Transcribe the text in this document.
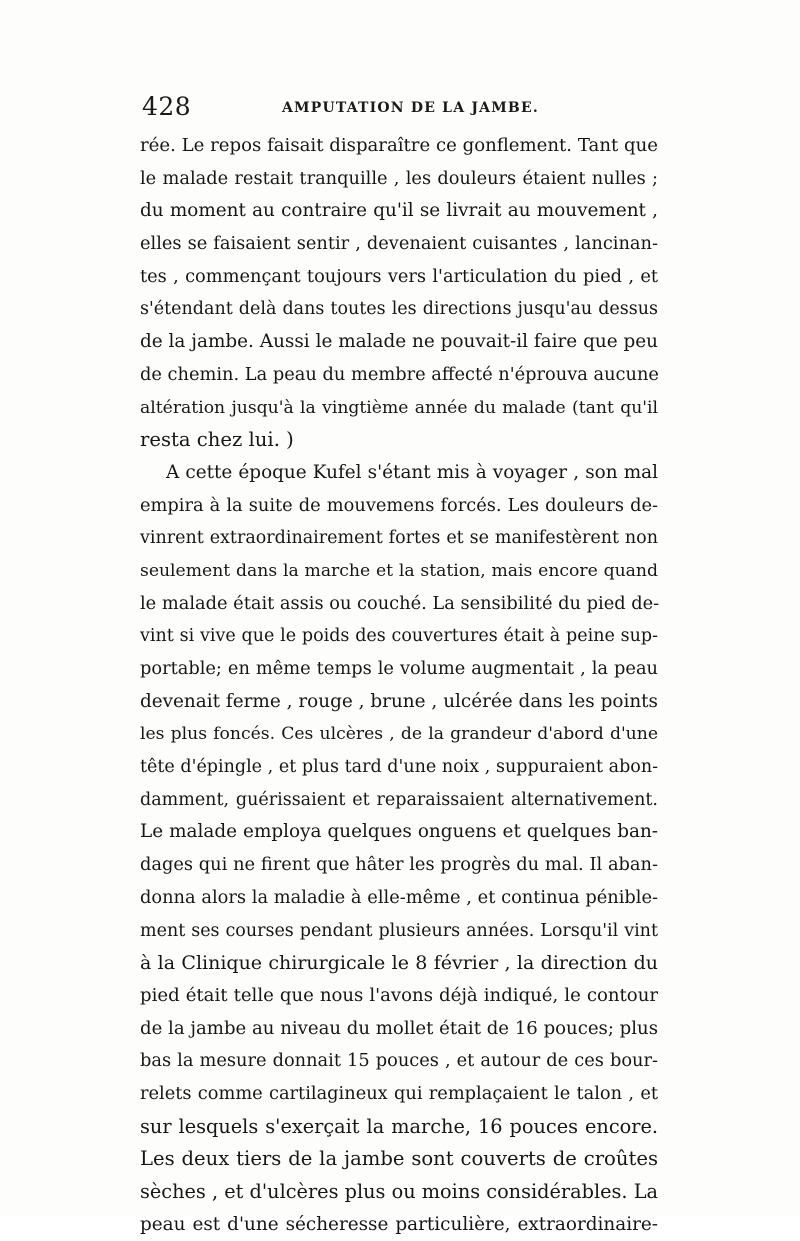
428	AMPUTATION DE LA JAMBE.
rée. Le repos faisait disparaître ce gonflement. Tant que
le malade restait tranquille , les douleurs étaient nulles ;
du moment au contraire qu'il se livrait au mouvement ,
elles se faisaient sentir , devenaient cuisantes , lancinan-
tes , commençant toujours vers l'articulation du pied , et
s'étendant delà dans toutes les directions jusqu'au dessus
de la jambe. Aussi le malade ne pouvait-il faire que peu
de chemin. La peau du membre affecté n'éprouva aucune
altération jusqu'à la vingtième année du malade (tant qu'il
resta chez lui. )
A cette époque Kufel s'étant mis à voyager , son mal
empira à la suite de mouvemens forcés. Les douleurs de-
vinrent extraordinairement fortes et se manifestèrent non
seulement dans la marche et la station, mais encore quand
le malade était assis ou couché. La sensibilité du pied de-
vint si vive que le poids des couvertures était à peine sup-
portable; en même temps le volume augmentait , la peau
devenait ferme , rouge , brune , ulcérée dans les points
les plus foncés. Ces ulcères , de la grandeur d'abord d'une
tête d'épingle , et plus tard d'une noix , suppuraient abon-
damment, guérissaient et reparaissaient alternativement.
Le malade employa quelques onguens et quelques ban-
dages qui ne firent que hâter les progrès du mal. Il aban-
donna alors la maladie à elle-même , et continua pénible-
ment ses courses pendant plusieurs années. Lorsqu'il vint
à la Clinique chirurgicale le 8 février , la direction du
pied était telle que nous l'avons déjà indiqué, le contour
de la jambe au niveau du mollet était de 16 pouces; plus
bas la mesure donnait 15 pouces , et autour de ces bour-
relets comme cartilagineux qui remplaçaient le talon , et
sur lesquels s'exerçait la marche, 16 pouces encore.
Les deux tiers de la jambe sont couverts de croûtes
sèches , et d'ulcères plus ou moins considérables. La
peau est d'une sécheresse particulière, extraordinaire-
